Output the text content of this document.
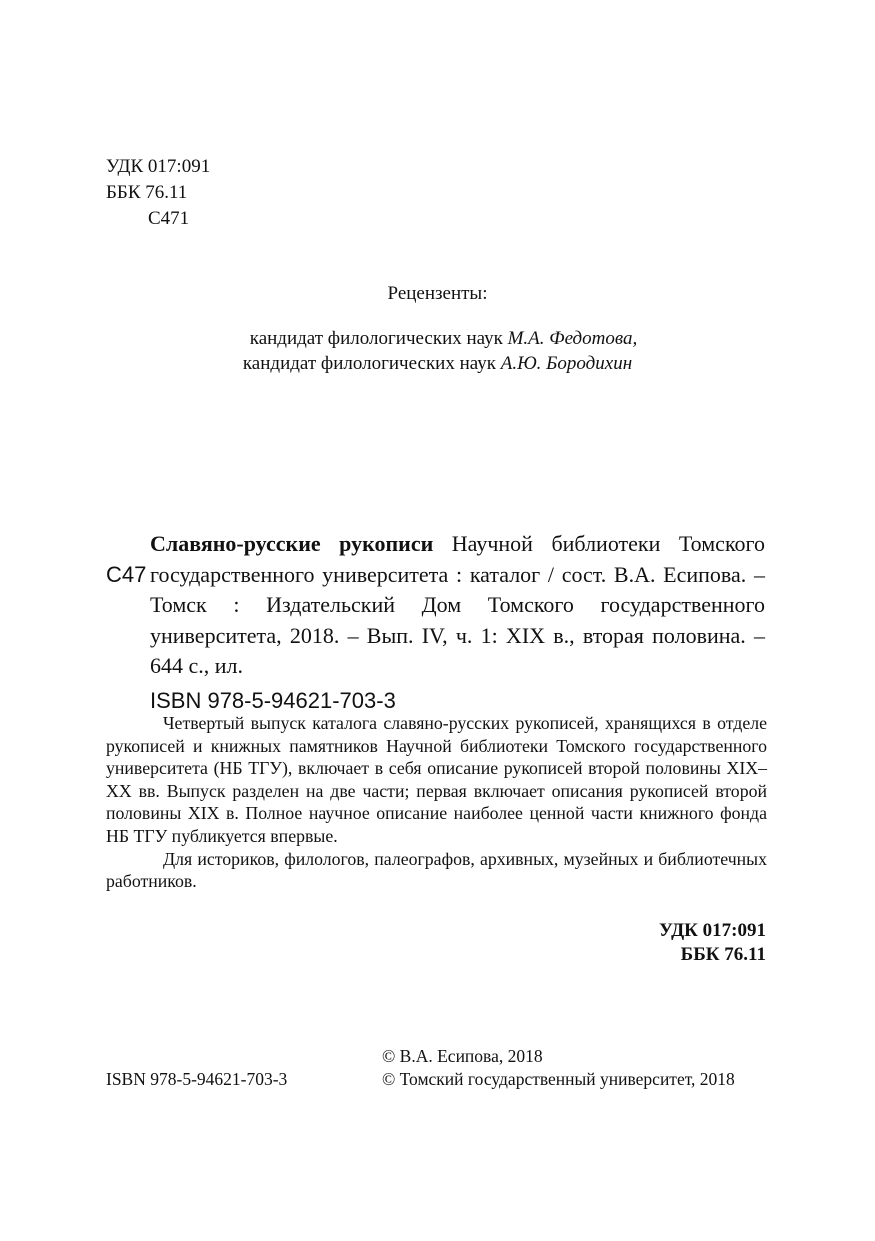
УДК 017:091
ББК 76.11
С471
Рецензенты:
кандидат филологических наук М.А. Федотова,
кандидат филологических наук А.Ю. Бородихин
С47
Славяно-русские рукописи Научной библиотеки Томского государственного университета : каталог / сост. В.А. Есипова. – Томск : Издательский Дом Томского государственного университета, 2018. – Вып. IV, ч. 1: XIX в., вторая половина. – 644 с., ил.
ISBN 978-5-94621-703-3

Четвертый выпуск каталога славяно-русских рукописей, хранящихся в отделе рукописей и книжных памятников Научной библиотеки Томского государственного университета (НБ ТГУ), включает в себя описание рукописей второй половины XIX–XX вв. Выпуск разделен на две части; первая включает описания рукописей второй половины XIX в. Полное научное описание наиболее ценной части книжного фонда НБ ТГУ публикуется впервые.

Для историков, филологов, палеографов, архивных, музейных и библиотечных работников.

УДК 017:091
ББК 76.11
© В.А. Есипова, 2018
ISBN 978-5-94621-703-3	© Томский государственный университет, 2018
